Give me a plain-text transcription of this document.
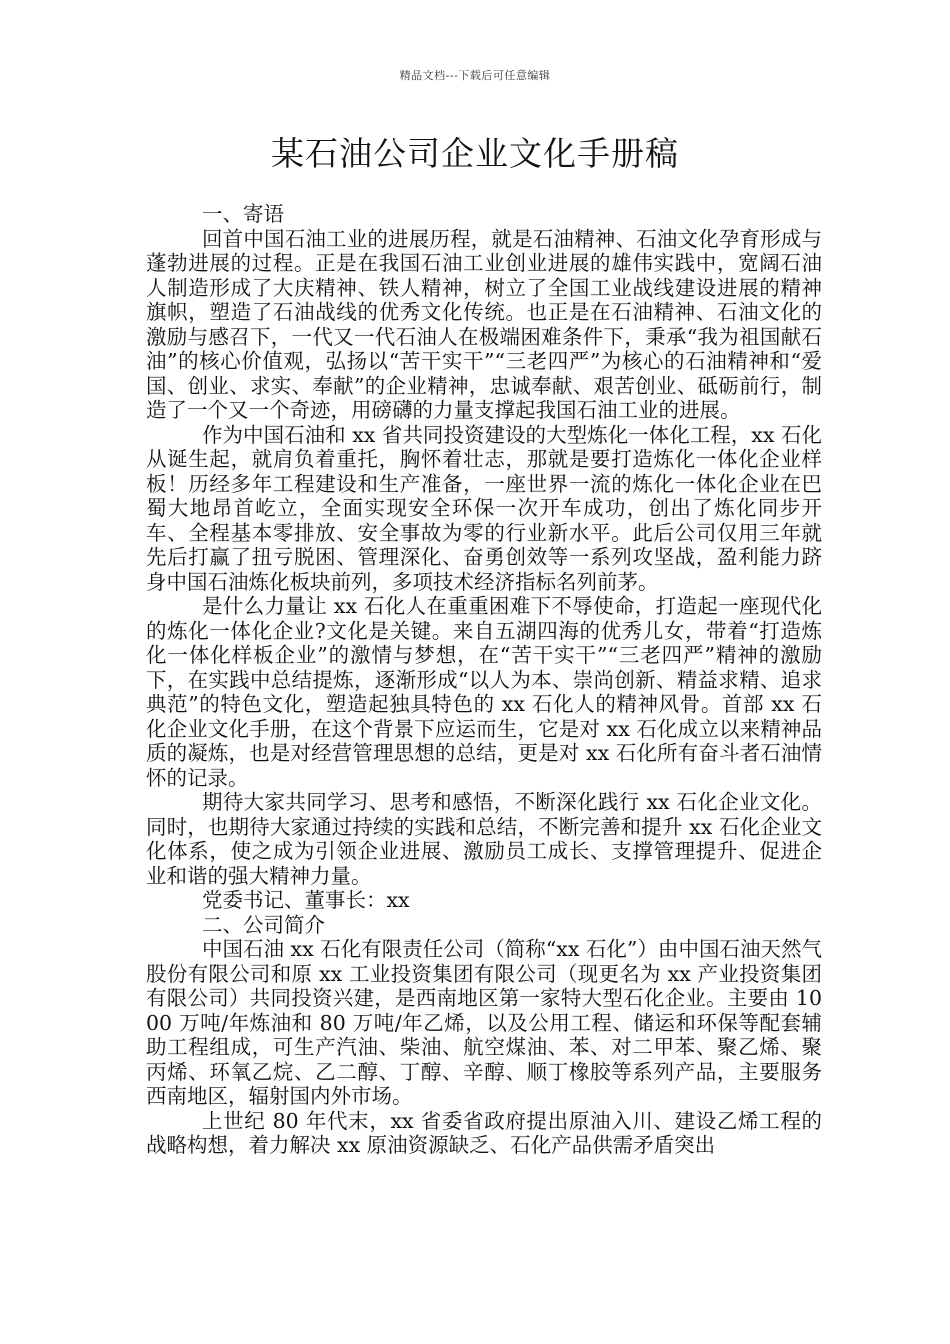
精品文档---下载后可任意编辑
某石油公司企业文化手册稿

一、寄语

回首中国石油工业的进展历程，就是石油精神、石油文化孕育形成与蓬勃进展的过程。正是在我国石油工业创业进展的雄伟实践中，宽阔石油人制造形成了大庆精神、铁人精神，树立了全国工业战线建设进展的精神旗帜，塑造了石油战线的优秀文化传统。也正是在石油精神、石油文化的激励与感召下，一代又一代石油人在极端困难条件下，秉承“我为祖国献石油”的核心价值观，弘扬以“苦干实干”“三老四严”为核心的石油精神和“爱国、创业、求实、奉献”的企业精神，忠诚奉献、艰苦创业、砥砺前行，制造了一个又一个奇迹，用磅礴的力量支撑起我国石油工业的进展。

作为中国石油和 xx 省共同投资建设的大型炼化一体化工程，xx 石化从诞生起，就肩负着重托，胸怀着壮志，那就是要打造炼化一体化企业样板！历经多年工程建设和生产准备，一座世界一流的炼化一体化企业在巴蜀大地昂首屹立，全面实现安全环保一次开车成功，创出了炼化同步开车、全程基本零排放、安全事故为零的行业新水平。此后公司仅用三年就先后打赢了扭亏脱困、管理深化、奋勇创效等一系列攻坚战，盈利能力跻身中国石油炼化板块前列，多项技术经济指标名列前茅。

是什么力量让 xx 石化人在重重困难下不辱使命，打造起一座现代化的炼化一体化企业?文化是关键。来自五湖四海的优秀儿女，带着“打造炼化一体化样板企业”的激情与梦想，在“苦干实干”“三老四严”精神的激励下，在实践中总结提炼，逐渐形成“以人为本、崇尚创新、精益求精、追求典范”的特色文化，塑造起独具特色的 xx 石化人的精神风骨。首部 xx 石化企业文化手册，在这个背景下应运而生，它是对 xx 石化成立以来精神品质的凝炼，也是对经营管理思想的总结，更是对 xx 石化所有奋斗者石油情怀的记录。

期待大家共同学习、思考和感悟，不断深化践行 xx 石化企业文化。同时，也期待大家通过持续的实践和总结，不断完善和提升 xx 石化企业文化体系，使之成为引领企业进展、激励员工成长、支撑管理提升、促进企业和谐的强大精神力量。

党委书记、董事长：xx

二、公司简介

中国石油 xx 石化有限责任公司（简称“xx 石化”）由中国石油天然气股份有限公司和原 xx 工业投资集团有限公司（现更名为 xx 产业投资集团有限公司）共同投资兴建，是西南地区第一家特大型石化企业。主要由 1000 万吨/年炼油和 80 万吨/年乙烯，以及公用工程、储运和环保等配套辅助工程组成，可生产汽油、柴油、航空煤油、苯、对二甲苯、聚乙烯、聚丙烯、环氧乙烷、乙二醇、丁醇、辛醇、顺丁橡胶等系列产品，主要服务西南地区，辐射国内外市场。

上世纪 80 年代末，xx 省委省政府提出原油入川、建设乙烯工程的战略构想，着力解决 xx 原油资源缺乏、石化产品供需矛盾突出
